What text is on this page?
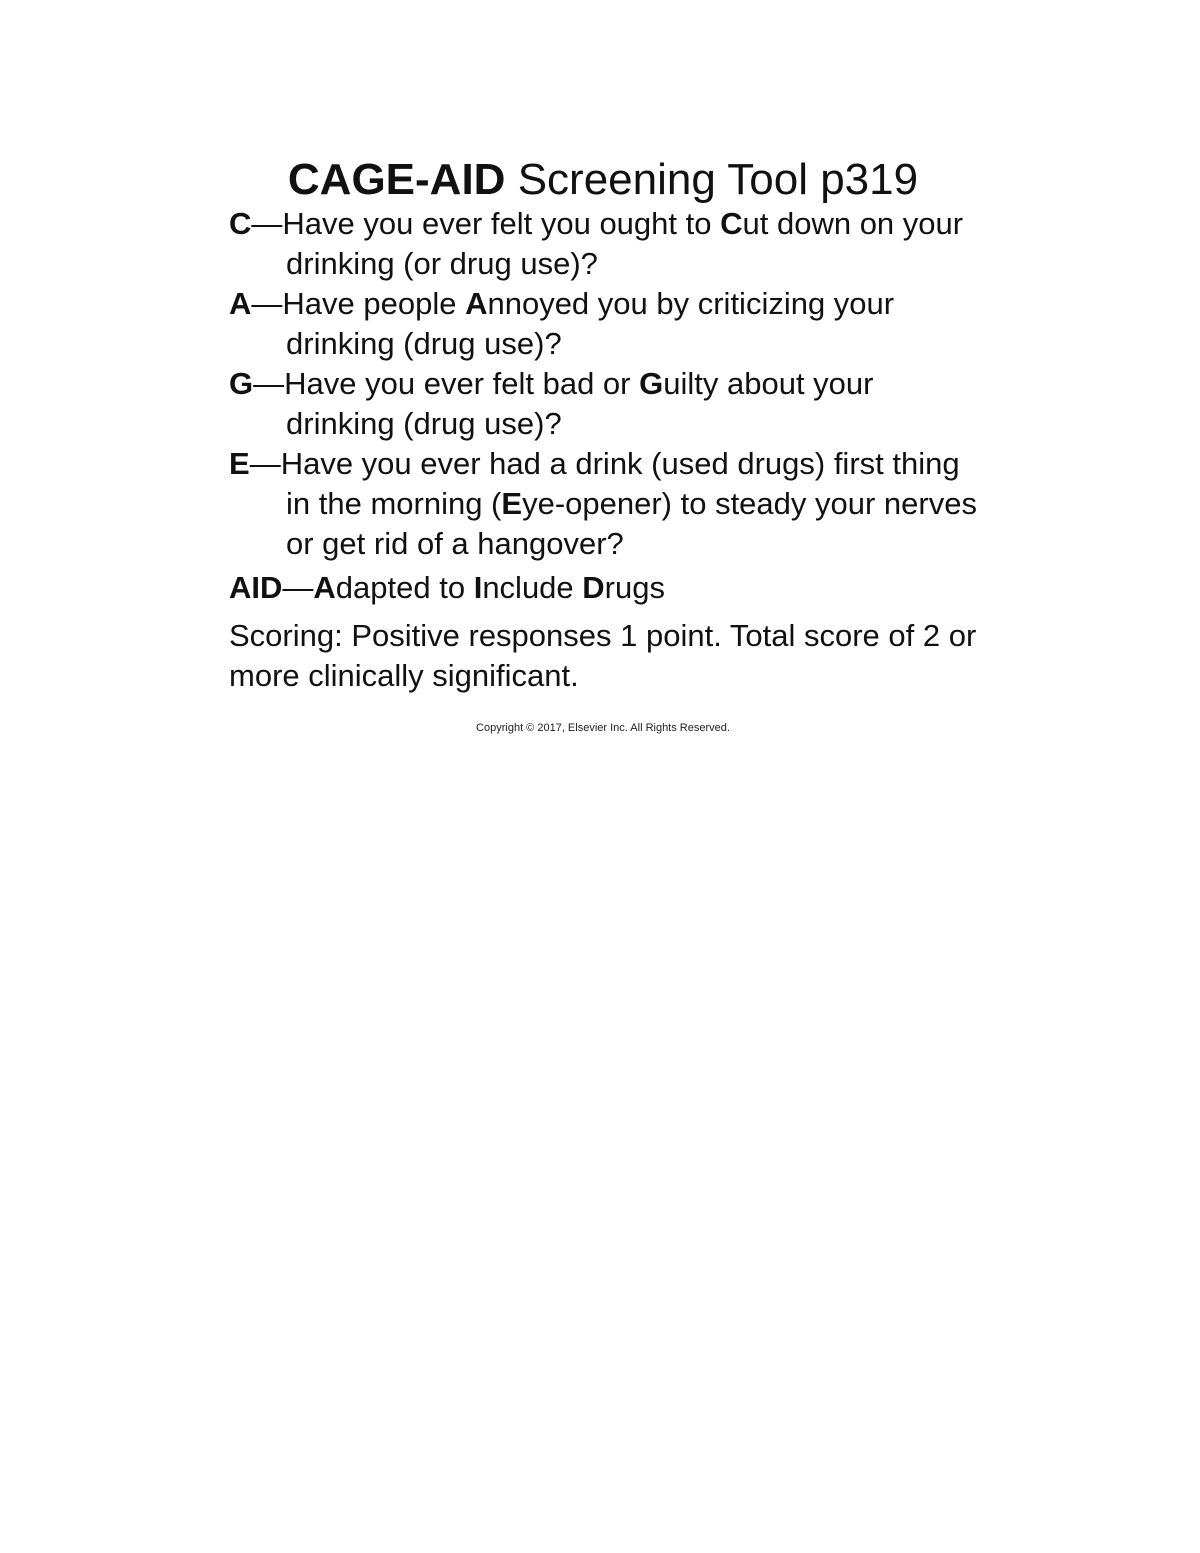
CAGE-AID Screening Tool p319

C—Have you ever felt you ought to Cut down on your drinking (or drug use)?

A—Have people Annoyed you by criticizing your drinking (drug use)?

G—Have you ever felt bad or Guilty about your drinking (drug use)?

E—Have you ever had a drink (used drugs) first thing in the morning (Eye-opener) to steady your nerves or get rid of a hangover?

AID—Adapted to Include Drugs

Scoring: Positive responses 1 point. Total score of 2 or more clinically significant.

Copyright © 2017, Elsevier Inc. All Rights Reserved.
